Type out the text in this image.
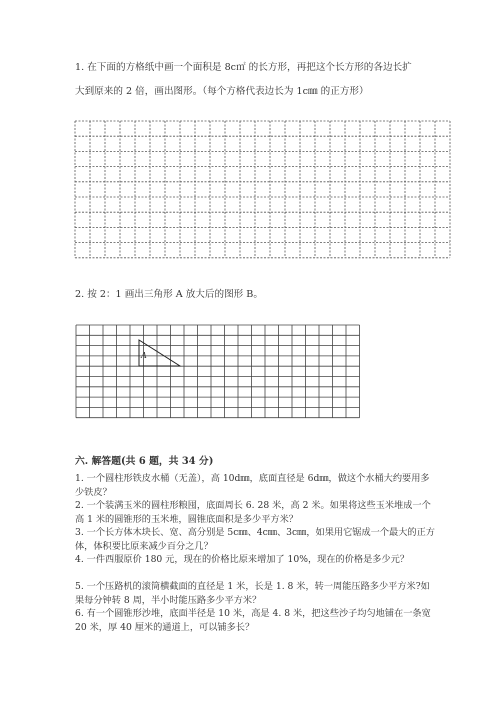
1. 在下面的方格纸中画一个面积是 8c㎡ 的长方形，再把这个长方形的各边长扩
大到原来的 2 倍，画出图形。（每个方格代表边长为 1c㎜ 的正方形）
A
2. 按 2：1 画出三角形 A 放大后的图形 B。
六. 解答题(共 6 题，共 34 分)
1. 一个圆柱形铁皮水桶（无盖），高 10d㎜，底面直径是 6d㎜，做这个水桶大约要用多少铁皮？
2. 一个装满玉米的圆柱形粮囤，底面周长 6. 28 米，高 2 米。如果将这些玉米堆成一个高 1 米的圆锥形的玉米堆，圆锥底面积是多少平方米？
3. 一个长方体木块长、宽、高分别是 5c㎜、4c㎜、3c㎜，如果用它锯成一个最大的正方体，体积要比原来减少百分之几？
4. 一件西服原价 180 元，现在的价格比原来增加了 10%，现在的价格是多少元？
5. 一个压路机的滚筒横截面的直径是 1 米，长是 1. 8 米，转一周能压路多少平方米?如果每分钟转 8 周，半小时能压路多少平方米？
6. 有一个圆锥形沙堆，底面半径是 10 米，高是 4. 8 米，把这些沙子均匀地铺在一条宽 20 米，厚 40 厘米的通道上，可以铺多长？
